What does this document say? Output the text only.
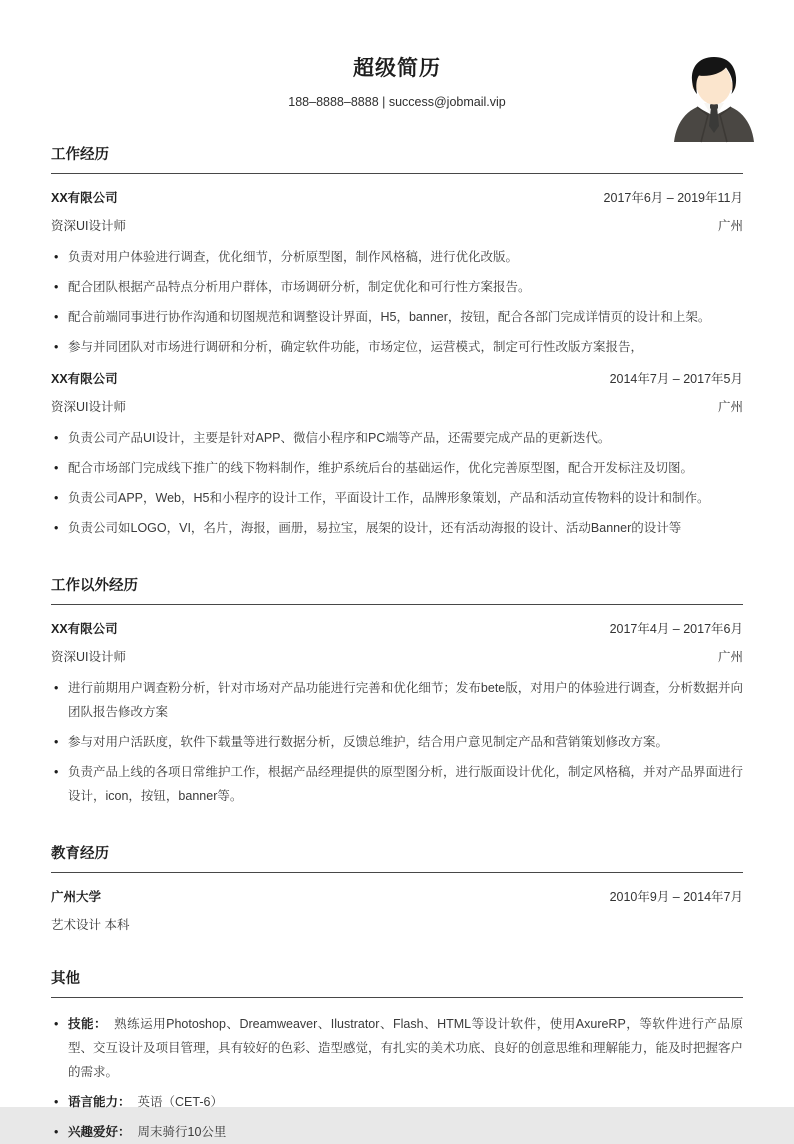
超级简历
188–8888–8888 | success@jobmail.vip
工作经历
XX有限公司	2017年6月 – 2019年11月
资深UI设计师	广州
• 负责对用户体验进行调查，优化细节，分析原型图，制作风格稿，进行优化改版。
• 配合团队根据产品特点分析用户群体，市场调研分析，制定优化和可行性方案报告。
• 配合前端同事进行协作沟通和切图规范和调整设计界面，H5，banner，按钮，配合各部门完成详情页的设计和上架。
• 参与并同团队对市场进行调研和分析，确定软件功能，市场定位，运营模式，制定可行性改版方案报告，
XX有限公司	2014年7月 – 2017年5月
资深UI设计师	广州
• 负责公司产品UI设计，主要是针对APP、微信小程序和PC端等产品，还需要完成产品的更新迭代。
• 配合市场部门完成线下推广的线下物料制作，维护系统后台的基础运作，优化完善原型图，配合开发标注及切图。
• 负责公司APP，Web，H5和小程序的设计工作，平面设计工作，品牌形象策划，产品和活动宣传物料的设计和制作。
• 负责公司如LOGO，VI，名片，海报，画册，易拉宝，展架的设计，还有活动海报的设计、活动Banner的设计等
工作以外经历
XX有限公司	2017年4月 – 2017年6月
资深UI设计师	广州
• 进行前期用户调查粉分析，针对市场对产品功能进行完善和优化细节；发布bete版，对用户的体验进行调查，分析数据并向团队报告修改方案
• 参与对用户活跃度，软件下载量等进行数据分析，反馈总维护，结合用户意见制定产品和营销策划修改方案。
• 负责产品上线的各项日常维护工作，根据产品经理提供的原型图分析，进行版面设计优化，制定风格稿，并对产品界面进行设计，icon，按钮，banner等。
教育经历
广州大学	2010年9月 – 2014年7月
艺术设计 本科
其他
• 技能： 熟练运用Photoshop、Dreamweaver、Ilustrator、Flash、HTML等设计软件，使用AxureRP，等软件进行产品原型、交互设计及项目管理，具有较好的色彩、造型感觉，有扎实的美术功底、良好的创意思维和理解能力，能及时把握客户的需求。
• 语言能力： 英语（CET-6）
• 兴趣爱好： 周末骑行10公里
